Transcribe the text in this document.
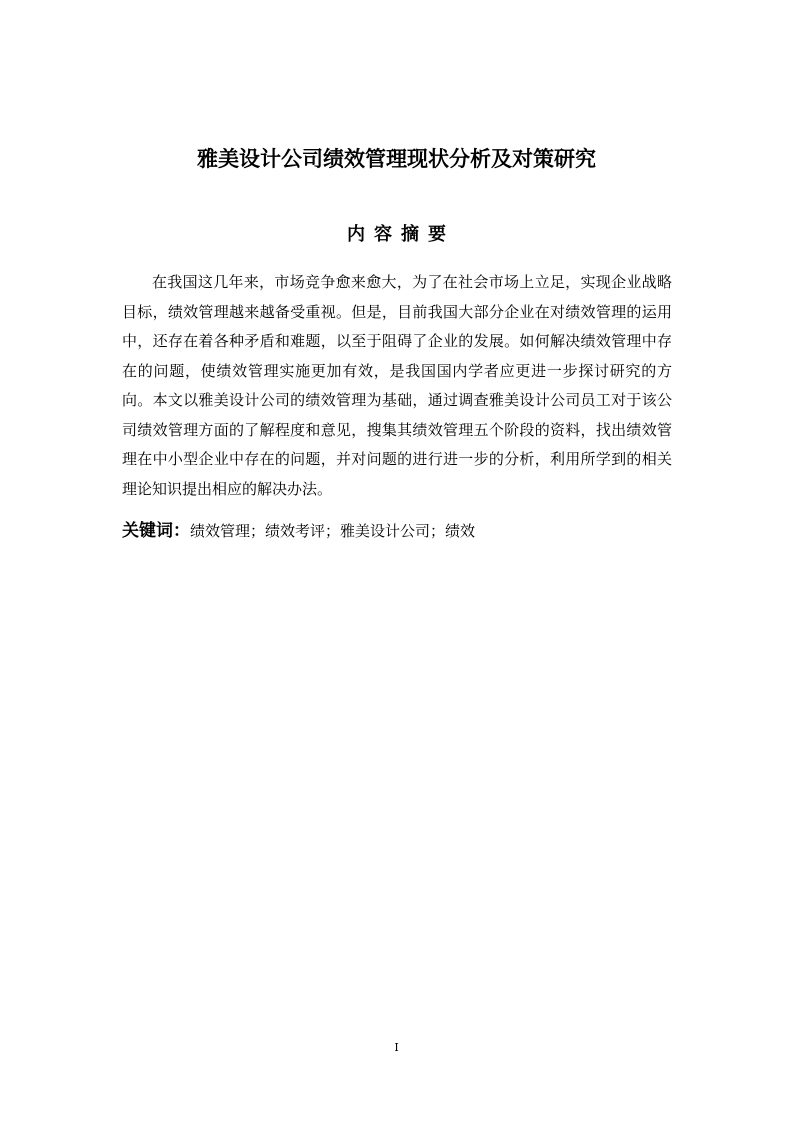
雅美设计公司绩效管理现状分析及对策研究
内容摘要

在我国这几年来，市场竞争愈来愈大，为了在社会市场上立足，实现企业战略目标，绩效管理越来越备受重视。但是，目前我国大部分企业在对绩效管理的运用中，还存在着各种矛盾和难题，以至于阻碍了企业的发展。如何解决绩效管理中存在的问题，使绩效管理实施更加有效，是我国国内学者应更进一步探讨研究的方向。本文以雅美设计公司的绩效管理为基础，通过调查雅美设计公司员工对于该公司绩效管理方面的了解程度和意见，搜集其绩效管理五个阶段的资料，找出绩效管理在中小型企业中存在的问题，并对问题的进行进一步的分析，利用所学到的相关理论知识提出相应的解决办法。

关键词：绩效管理；绩效考评；雅美设计公司；绩效

I
